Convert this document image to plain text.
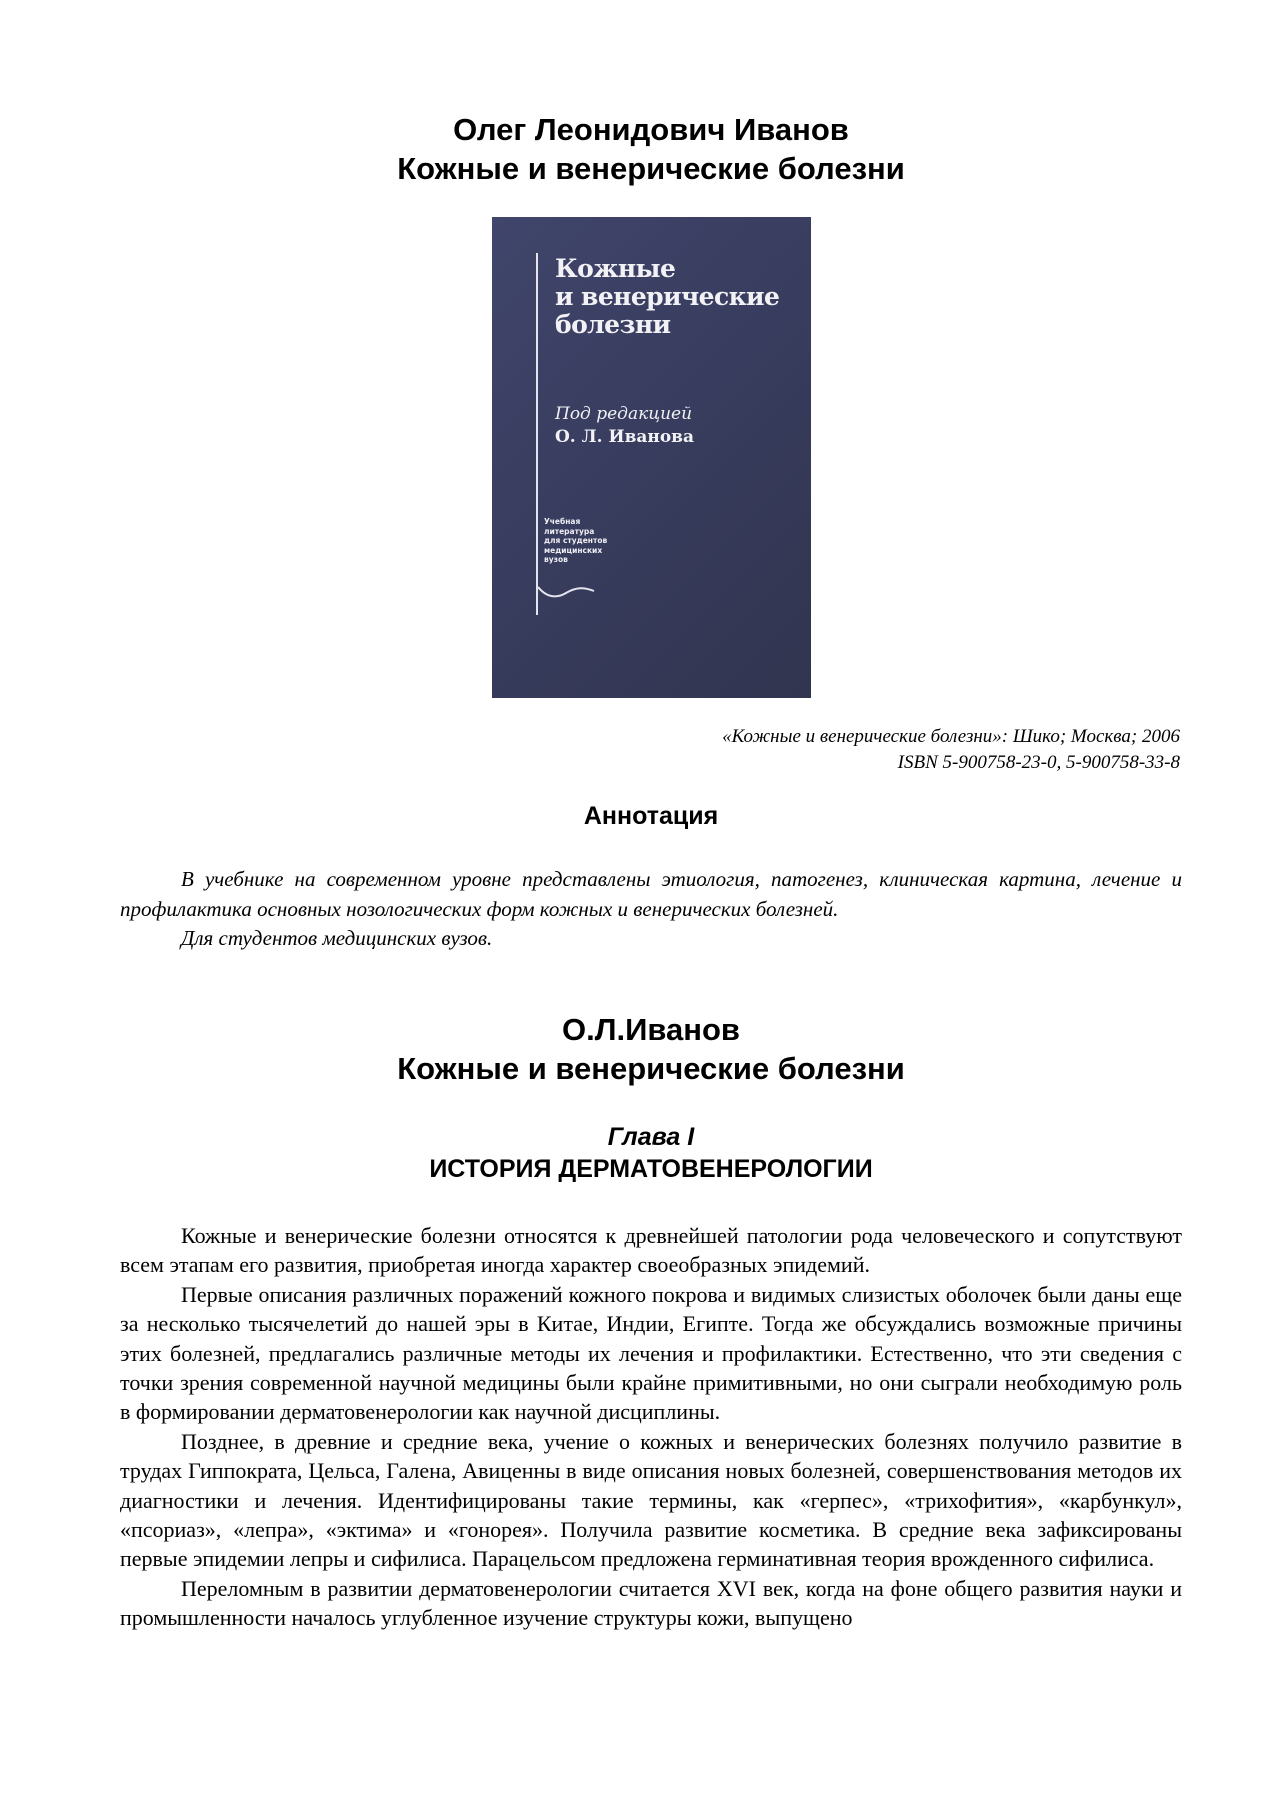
Олег Леонидович Иванов
Кожные и венерические болезни
Кожные
и венерические
болезни
Под редакцией
О. Л. Иванова
Учебная
литература
для студентов
медицинских
вузов
«Кожные и венерические болезни»: Шико; Москва; 2006
ISBN 5-900758-23-0, 5-900758-33-8
Аннотация

В учебнике на современном уровне представлены этиология, патогенез, клиническая картина, лечение и профилактика основных нозологических форм кожных и венерических болезней.

Для студентов медицинских вузов.

О.Л.Иванов
Кожные и венерические болезни
Глава I
ИСТОРИЯ ДЕРМАТОВЕНЕРОЛОГИИ

Кожные и венерические болезни относятся к древнейшей патологии рода человеческого и сопутствуют всем этапам его развития, приобретая иногда характер своеобразных эпидемий.

Первые описания различных поражений кожного покрова и видимых слизистых оболочек были даны еще за несколько тысячелетий до нашей эры в Китае, Индии, Египте. Тогда же обсуждались возможные причины этих болезней, предлагались различные методы их лечения и профилактики. Естественно, что эти сведения с точки зрения современной научной медицины были крайне примитивными, но они сыграли необходимую роль в формировании дерматовенерологии как научной дисциплины.

Позднее, в древние и средние века, учение о кожных и венерических болезнях получило развитие в трудах Гиппократа, Цельса, Галена, Авиценны в виде описания новых болезней, совершенствования методов их диагностики и лечения. Идентифицированы такие термины, как «герпес», «трихофития», «карбункул», «псориаз», «лепра», «эктима» и «гонорея». Получила развитие косметика. В средние века зафиксированы первые эпидемии лепры и сифилиса. Парацельсом предложена герминативная теория врожденного сифилиса.

Переломным в развитии дерматовенерологии считается XVI век, когда на фоне общего развития науки и промышленности началось углубленное изучение структуры кожи, выпущено
